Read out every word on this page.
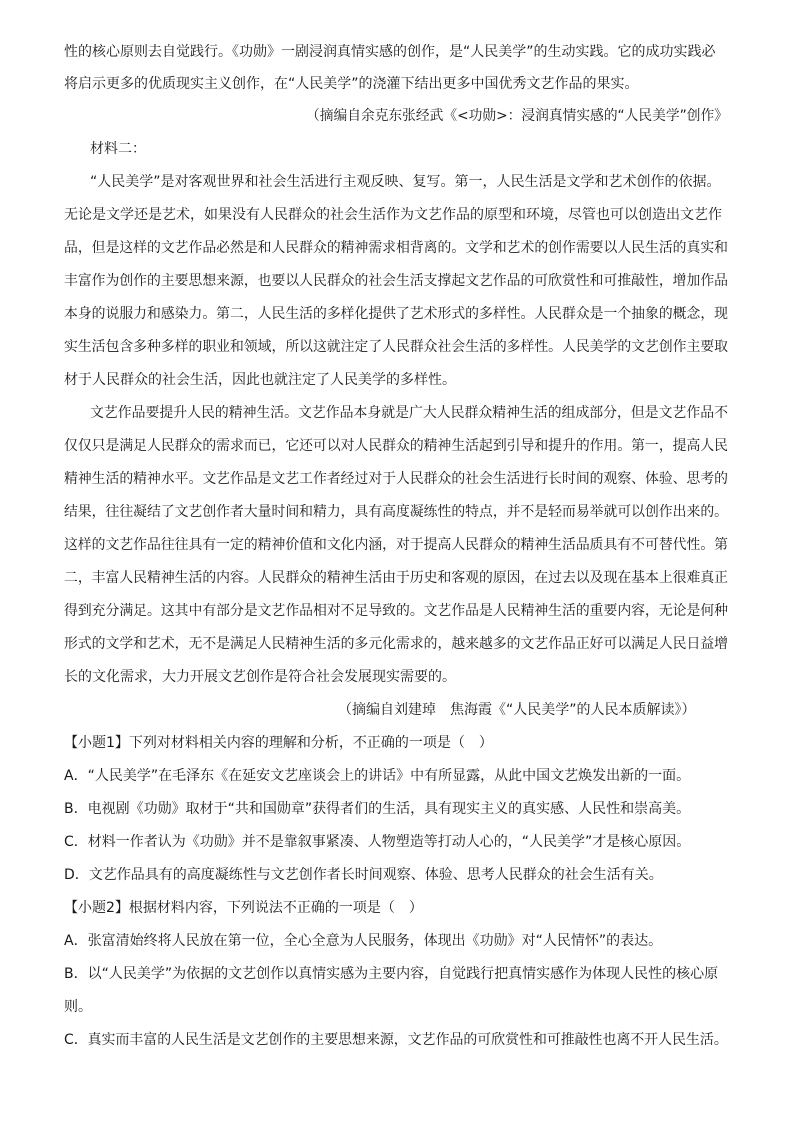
性的核心原则去自觉践行。《功勋》一剧浸润真情实感的创作，是“人民美学”的生动实践。它的成功实践必
将启示更多的优质现实主义创作，在“人民美学”的浇灌下结出更多中国优秀文艺作品的果实。
（摘编自余克东张经武《<功勋>：浸润真情实感的“人民美学”创作》
材料二：
“人民美学”是对客观世界和社会生活进行主观反映、复写。第一，人民生活是文学和艺术创作的依据。
无论是文学还是艺术，如果没有人民群众的社会生活作为文艺作品的原型和环境，尽管也可以创造出文艺作
品，但是这样的文艺作品必然是和人民群众的精神需求相背离的。文学和艺术的创作需要以人民生活的真实和
丰富作为创作的主要思想来源，也要以人民群众的社会生活支撑起文艺作品的可欣赏性和可推敲性，增加作品
本身的说服力和感染力。第二，人民生活的多样化提供了艺术形式的多样性。人民群众是一个抽象的概念，现
实生活包含多种多样的职业和领域，所以这就注定了人民群众社会生活的多样性。人民美学的文艺创作主要取
材于人民群众的社会生活，因此也就注定了人民美学的多样性。
文艺作品要提升人民的精神生活。文艺作品本身就是广大人民群众精神生活的组成部分，但是文艺作品不
仅仅只是满足人民群众的需求而已，它还可以对人民群众的精神生活起到引导和提升的作用。第一，提高人民
精神生活的精神水平。文艺作品是文艺工作者经过对于人民群众的社会生活进行长时间的观察、体验、思考的
结果，往往凝结了文艺创作者大量时间和精力，具有高度凝练性的特点，并不是轻而易举就可以创作出来的。
这样的文艺作品往往具有一定的精神价值和文化内涵，对于提高人民群众的精神生活品质具有不可替代性。第
二，丰富人民精神生活的内容。人民群众的精神生活由于历史和客观的原因，在过去以及现在基本上很难真正
得到充分满足。这其中有部分是文艺作品相对不足导致的。文艺作品是人民精神生活的重要内容，无论是何种
形式的文学和艺术，无不是满足人民精神生活的多元化需求的，越来越多的文艺作品正好可以满足人民日益增
长的文化需求，大力开展文艺创作是符合社会发展现实需要的。
（摘编自刘建琸　焦海霞《“人民美学”的人民本质解读》）
【小题1】下列对材料相关内容的理解和分析，不正确的一项是（　）
A．“人民美学”在毛泽东《在延安文艺座谈会上的讲话》中有所显露，从此中国文艺焕发出新的一面。
B．电视剧《功勋》取材于“共和国勋章”获得者们的生活，具有现实主义的真实感、人民性和崇高美。
C．材料一作者认为《功勋》并不是靠叙事紧凑、人物塑造等打动人心的，“人民美学”才是核心原因。
D．文艺作品具有的高度凝练性与文艺创作者长时间观察、体验、思考人民群众的社会生活有关。
【小题2】根据材料内容，下列说法不正确的一项是（　）
A．张富清始终将人民放在第一位，全心全意为人民服务，体现出《功勋》对“人民情怀”的表达。
B．以“人民美学”为依据的文艺创作以真情实感为主要内容，自觉践行把真情实感作为体现人民性的核心原
则。
C．真实而丰富的人民生活是文艺创作的主要思想来源，文艺作品的可欣赏性和可推敲性也离不开人民生活。
